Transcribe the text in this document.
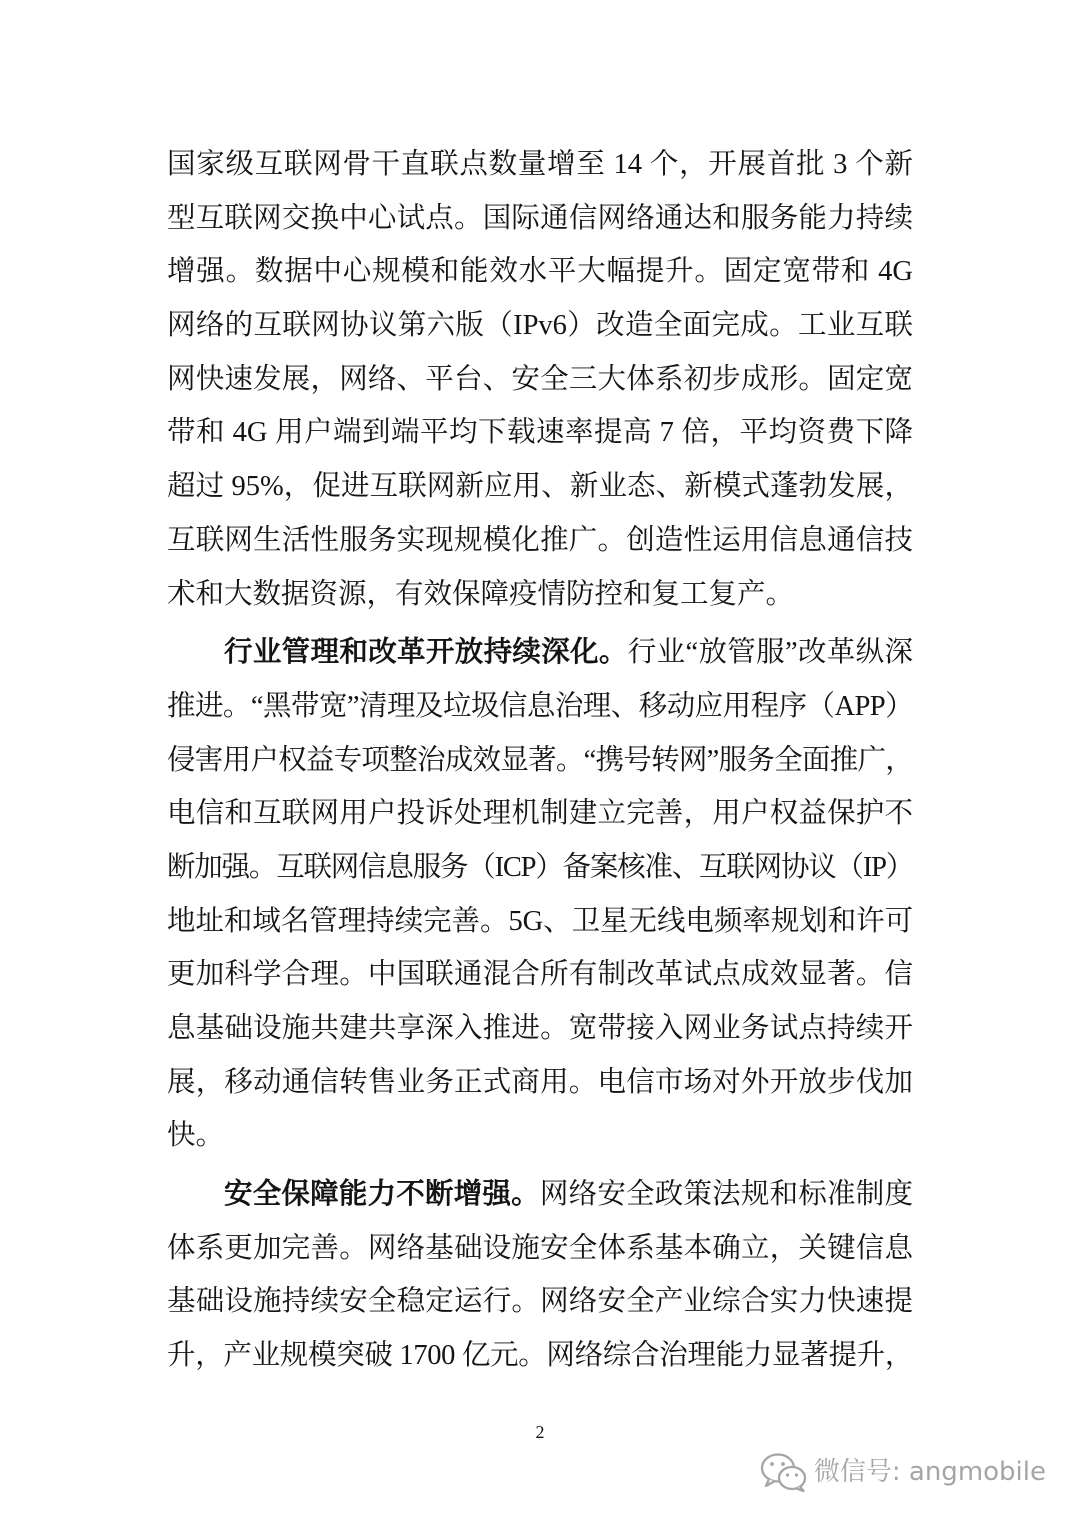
国家级互联网骨干直联点数量增至 14 个，开展首批 3 个新
型互联网交换中心试点。国际通信网络通达和服务能力持续
增强。数据中心规模和能效水平大幅提升。固定宽带和 4G
网络的互联网协议第六版（IPv6）改造全面完成。工业互联
网快速发展，网络、平台、安全三大体系初步成形。固定宽
带和 4G 用户端到端平均下载速率提高 7 倍，平均资费下降
超过 95%，促进互联网新应用、新业态、新模式蓬勃发展，
互联网生活性服务实现规模化推广。创造性运用信息通信技
术和大数据资源，有效保障疫情防控和复工复产。
行业管理和改革开放持续深化。行业“放管服”改革纵深
推进。“黑带宽”清理及垃圾信息治理、移动应用程序（APP）
侵害用户权益专项整治成效显著。“携号转网”服务全面推广，
电信和互联网用户投诉处理机制建立完善，用户权益保护不
断加强。互联网信息服务（ICP）备案核准、互联网协议（IP）
地址和域名管理持续完善。5G、卫星无线电频率规划和许可
更加科学合理。中国联通混合所有制改革试点成效显著。信
息基础设施共建共享深入推进。宽带接入网业务试点持续开
展，移动通信转售业务正式商用。电信市场对外开放步伐加
快。
安全保障能力不断增强。网络安全政策法规和标准制度
体系更加完善。网络基础设施安全体系基本确立，关键信息
基础设施持续安全稳定运行。网络安全产业综合实力快速提
升，产业规模突破 1700 亿元。网络综合治理能力显著提升，
2
微信号: angmobile
